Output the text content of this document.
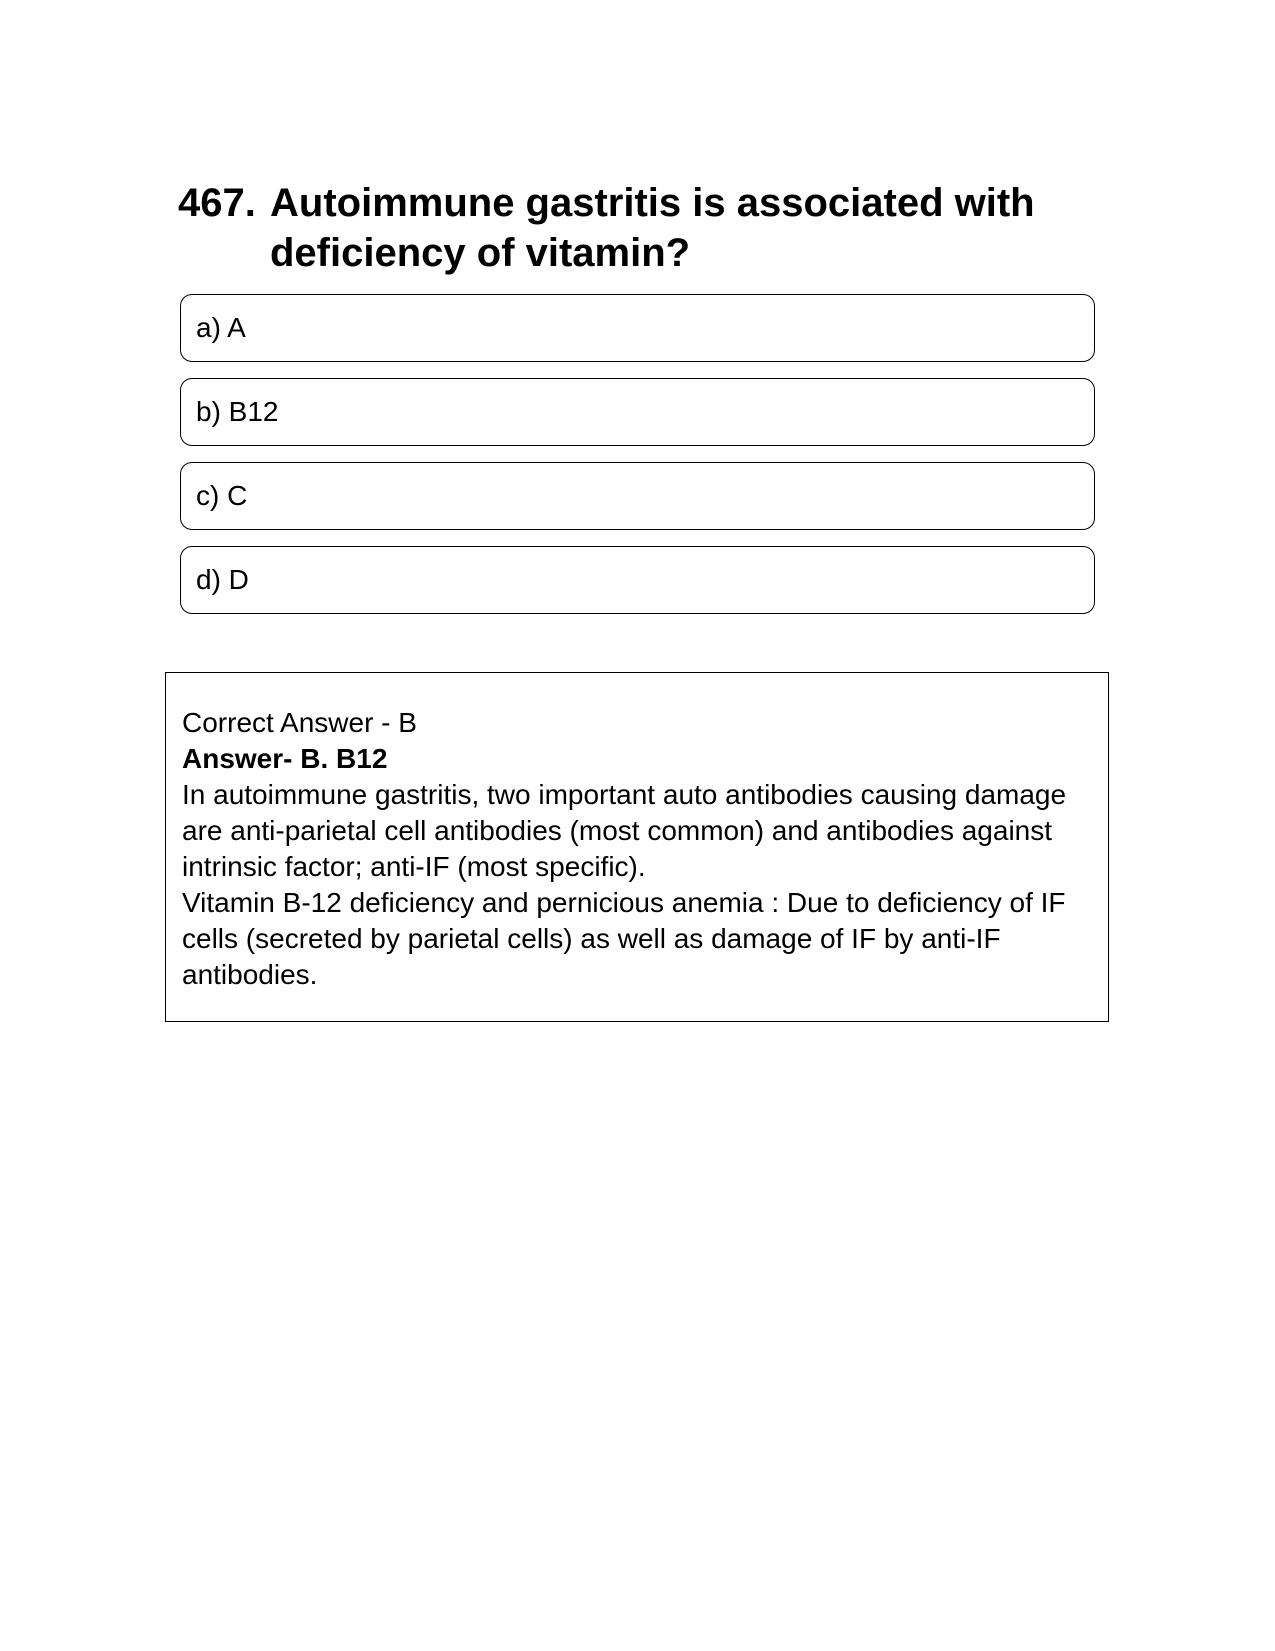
467. Autoimmune gastritis is associated with deficiency of vitamin?
a) A
b) B12
c) C
d) D

Correct Answer - B

Answer- B. B12

In autoimmune gastritis, two important auto antibodies causing damage are anti-parietal cell antibodies (most common) and antibodies against intrinsic factor; anti-IF (most specific).

Vitamin B-12 deficiency and pernicious anemia : Due to deficiency of IF cells (secreted by parietal cells) as well as damage of IF by anti-IF antibodies.
